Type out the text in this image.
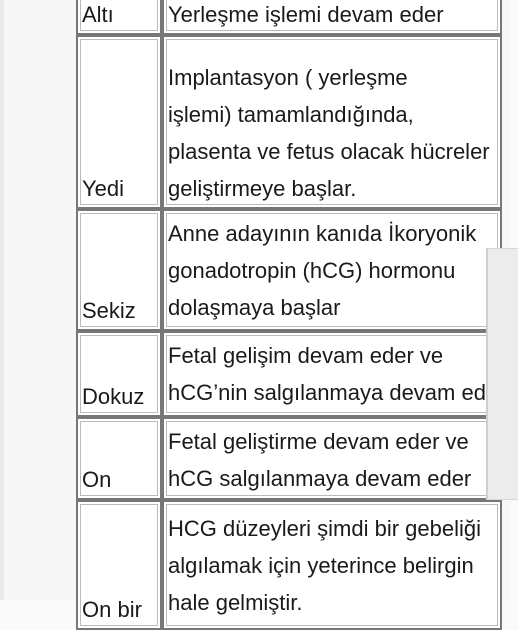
Altı	Yerleşme işlemi devam eder

Yedi	Implantasyon ( yerleşme
işlemi) tamamlandığında,
plasenta ve fetus olacak hücreler
geliştirmeye başlar.

Sekiz	Anne adayının kanıda İkoryonik
gonadotropin (hCG) hormonu
dolaşmaya başlar

Dokuz	Fetal gelişim devam eder ve
hCG’nin salgılanmaya devam ed

On	Fetal geliştirme devam eder ve
hCG salgılanmaya devam eder

On bir	HCG düzeyleri şimdi bir gebeliği
algılamak için yeterince belirgin
hale gelmiştir.
